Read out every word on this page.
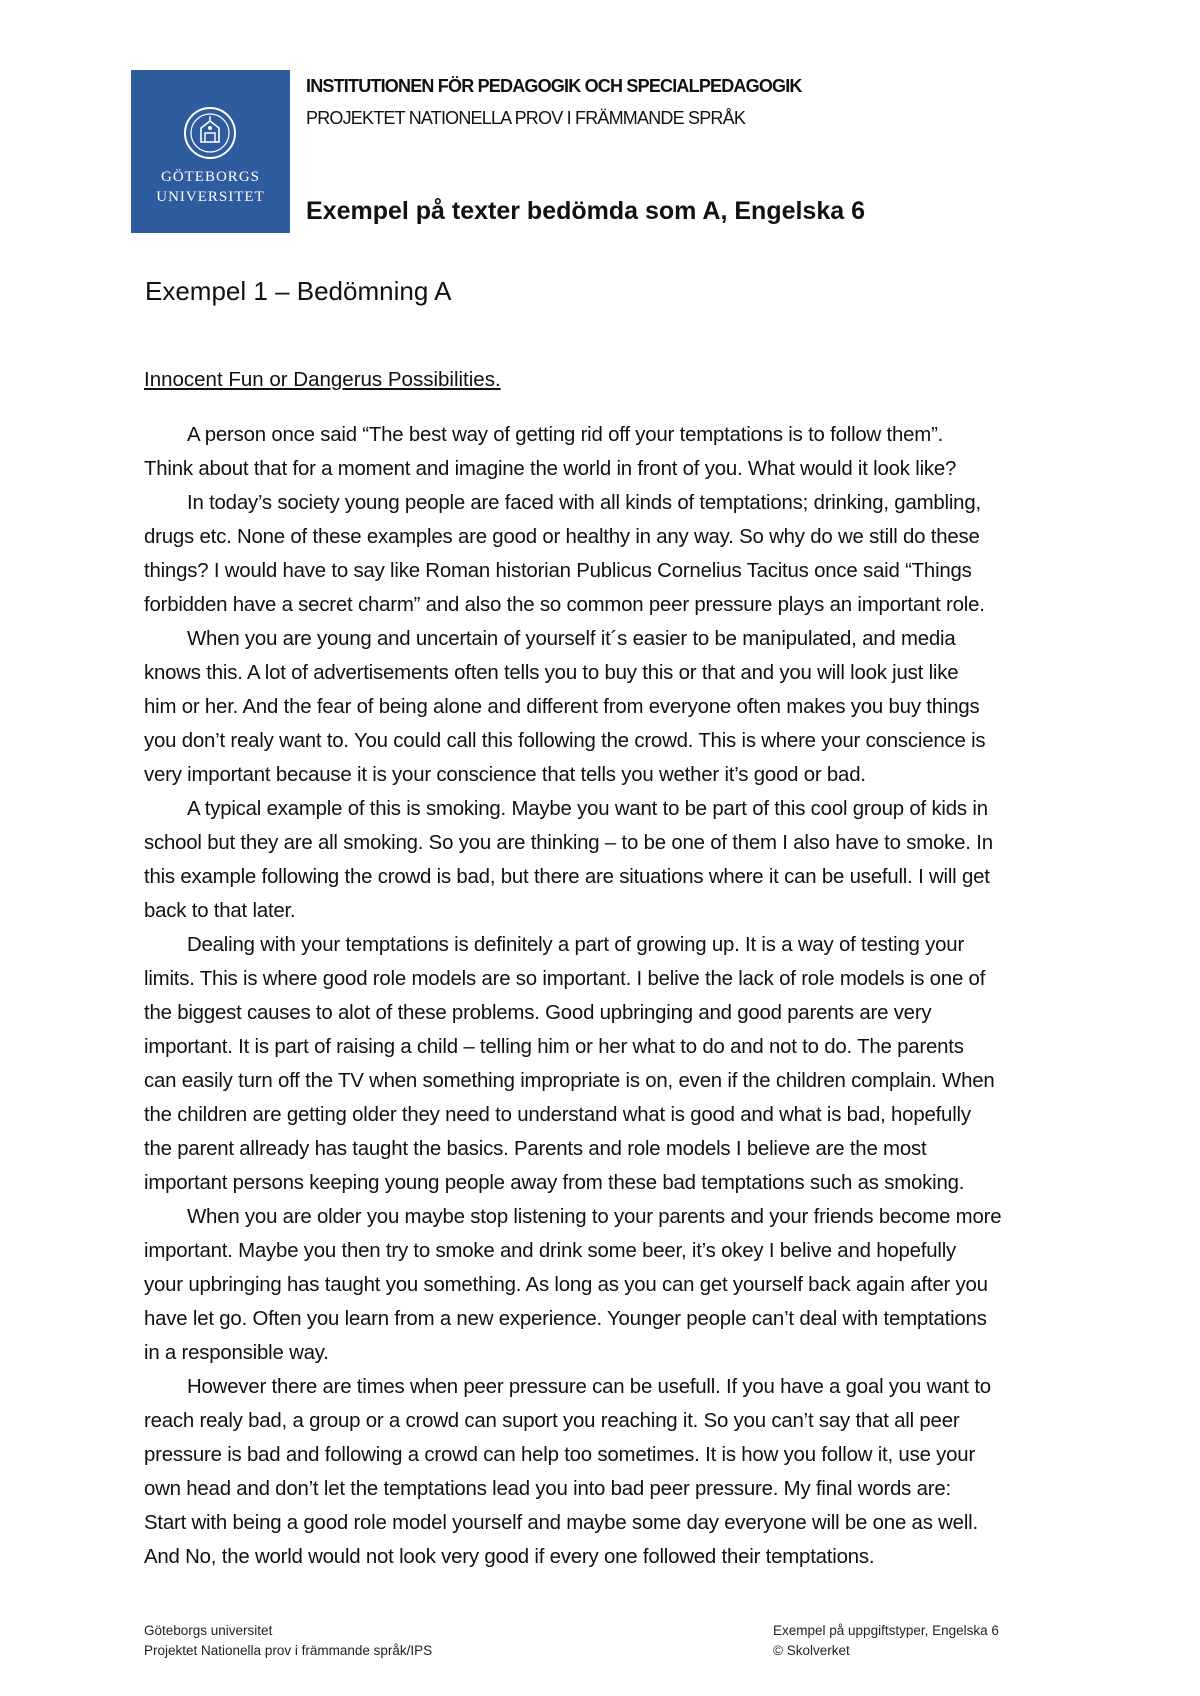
GÖTEBORGS
UNIVERSITET
INSTITUTIONEN FÖR PEDAGOGIK OCH SPECIALPEDAGOGIK
PROJEKTET NATIONELLA PROV I FRÄMMANDE SPRÅK
Exempel på texter bedömda som A, Engelska 6
Exempel 1 – Bedömning A
Innocent Fun or Dangerus Possibilities.
A person once said “The best way of getting rid off your temptations is to follow them”.
Think about that for a moment and imagine the world in front of you. What would it look like?
In today’s society young people are faced with all kinds of temptations; drinking, gambling,
drugs etc. None of these examples are good or healthy in any way. So why do we still do these
things? I would have to say like Roman historian Publicus Cornelius Tacitus once said “Things
forbidden have a secret charm” and also the so common peer pressure plays an important role.
When you are young and uncertain of yourself it´s easier to be manipulated, and media
knows this. A lot of advertisements often tells you to buy this or that and you will look just like
him or her. And the fear of being alone and different from everyone often makes you buy things
you don’t realy want to. You could call this following the crowd. This is where your conscience is
very important because it is your conscience that tells you wether it’s good or bad.
A typical example of this is smoking. Maybe you want to be part of this cool group of kids in
school but they are all smoking. So you are thinking – to be one of them I also have to smoke. In
this example following the crowd is bad, but there are situations where it can be usefull. I will get
back to that later.
Dealing with your temptations is definitely a part of growing up. It is a way of testing your
limits. This is where good role models are so important. I belive the lack of role models is one of
the biggest causes to alot of these problems. Good upbringing and good parents are very
important. It is part of raising a child – telling him or her what to do and not to do. The parents
can easily turn off the TV when something impropriate is on, even if the children complain. When
the children are getting older they need to understand what is good and what is bad, hopefully
the parent allready has taught the basics. Parents and role models I believe are the most
important persons keeping young people away from these bad temptations such as smoking.
When you are older you maybe stop listening to your parents and your friends become more
important. Maybe you then try to smoke and drink some beer, it’s okey I belive and hopefully
your upbringing has taught you something. As long as you can get yourself back again after you
have let go. Often you learn from a new experience. Younger people can’t deal with temptations
in a responsible way.
However there are times when peer pressure can be usefull. If you have a goal you want to
reach realy bad, a group or a crowd can suport you reaching it. So you can’t say that all peer
pressure is bad and following a crowd can help too sometimes. It is how you follow it, use your
own head and don’t let the temptations lead you into bad peer pressure. My final words are:
Start with being a good role model yourself and maybe some day everyone will be one as well.
And No, the world would not look very good if every one followed their temptations.
Göteborgs universitet
Projektet Nationella prov i främmande språk/IPS
Exempel på uppgiftstyper, Engelska 6
© Skolverket
